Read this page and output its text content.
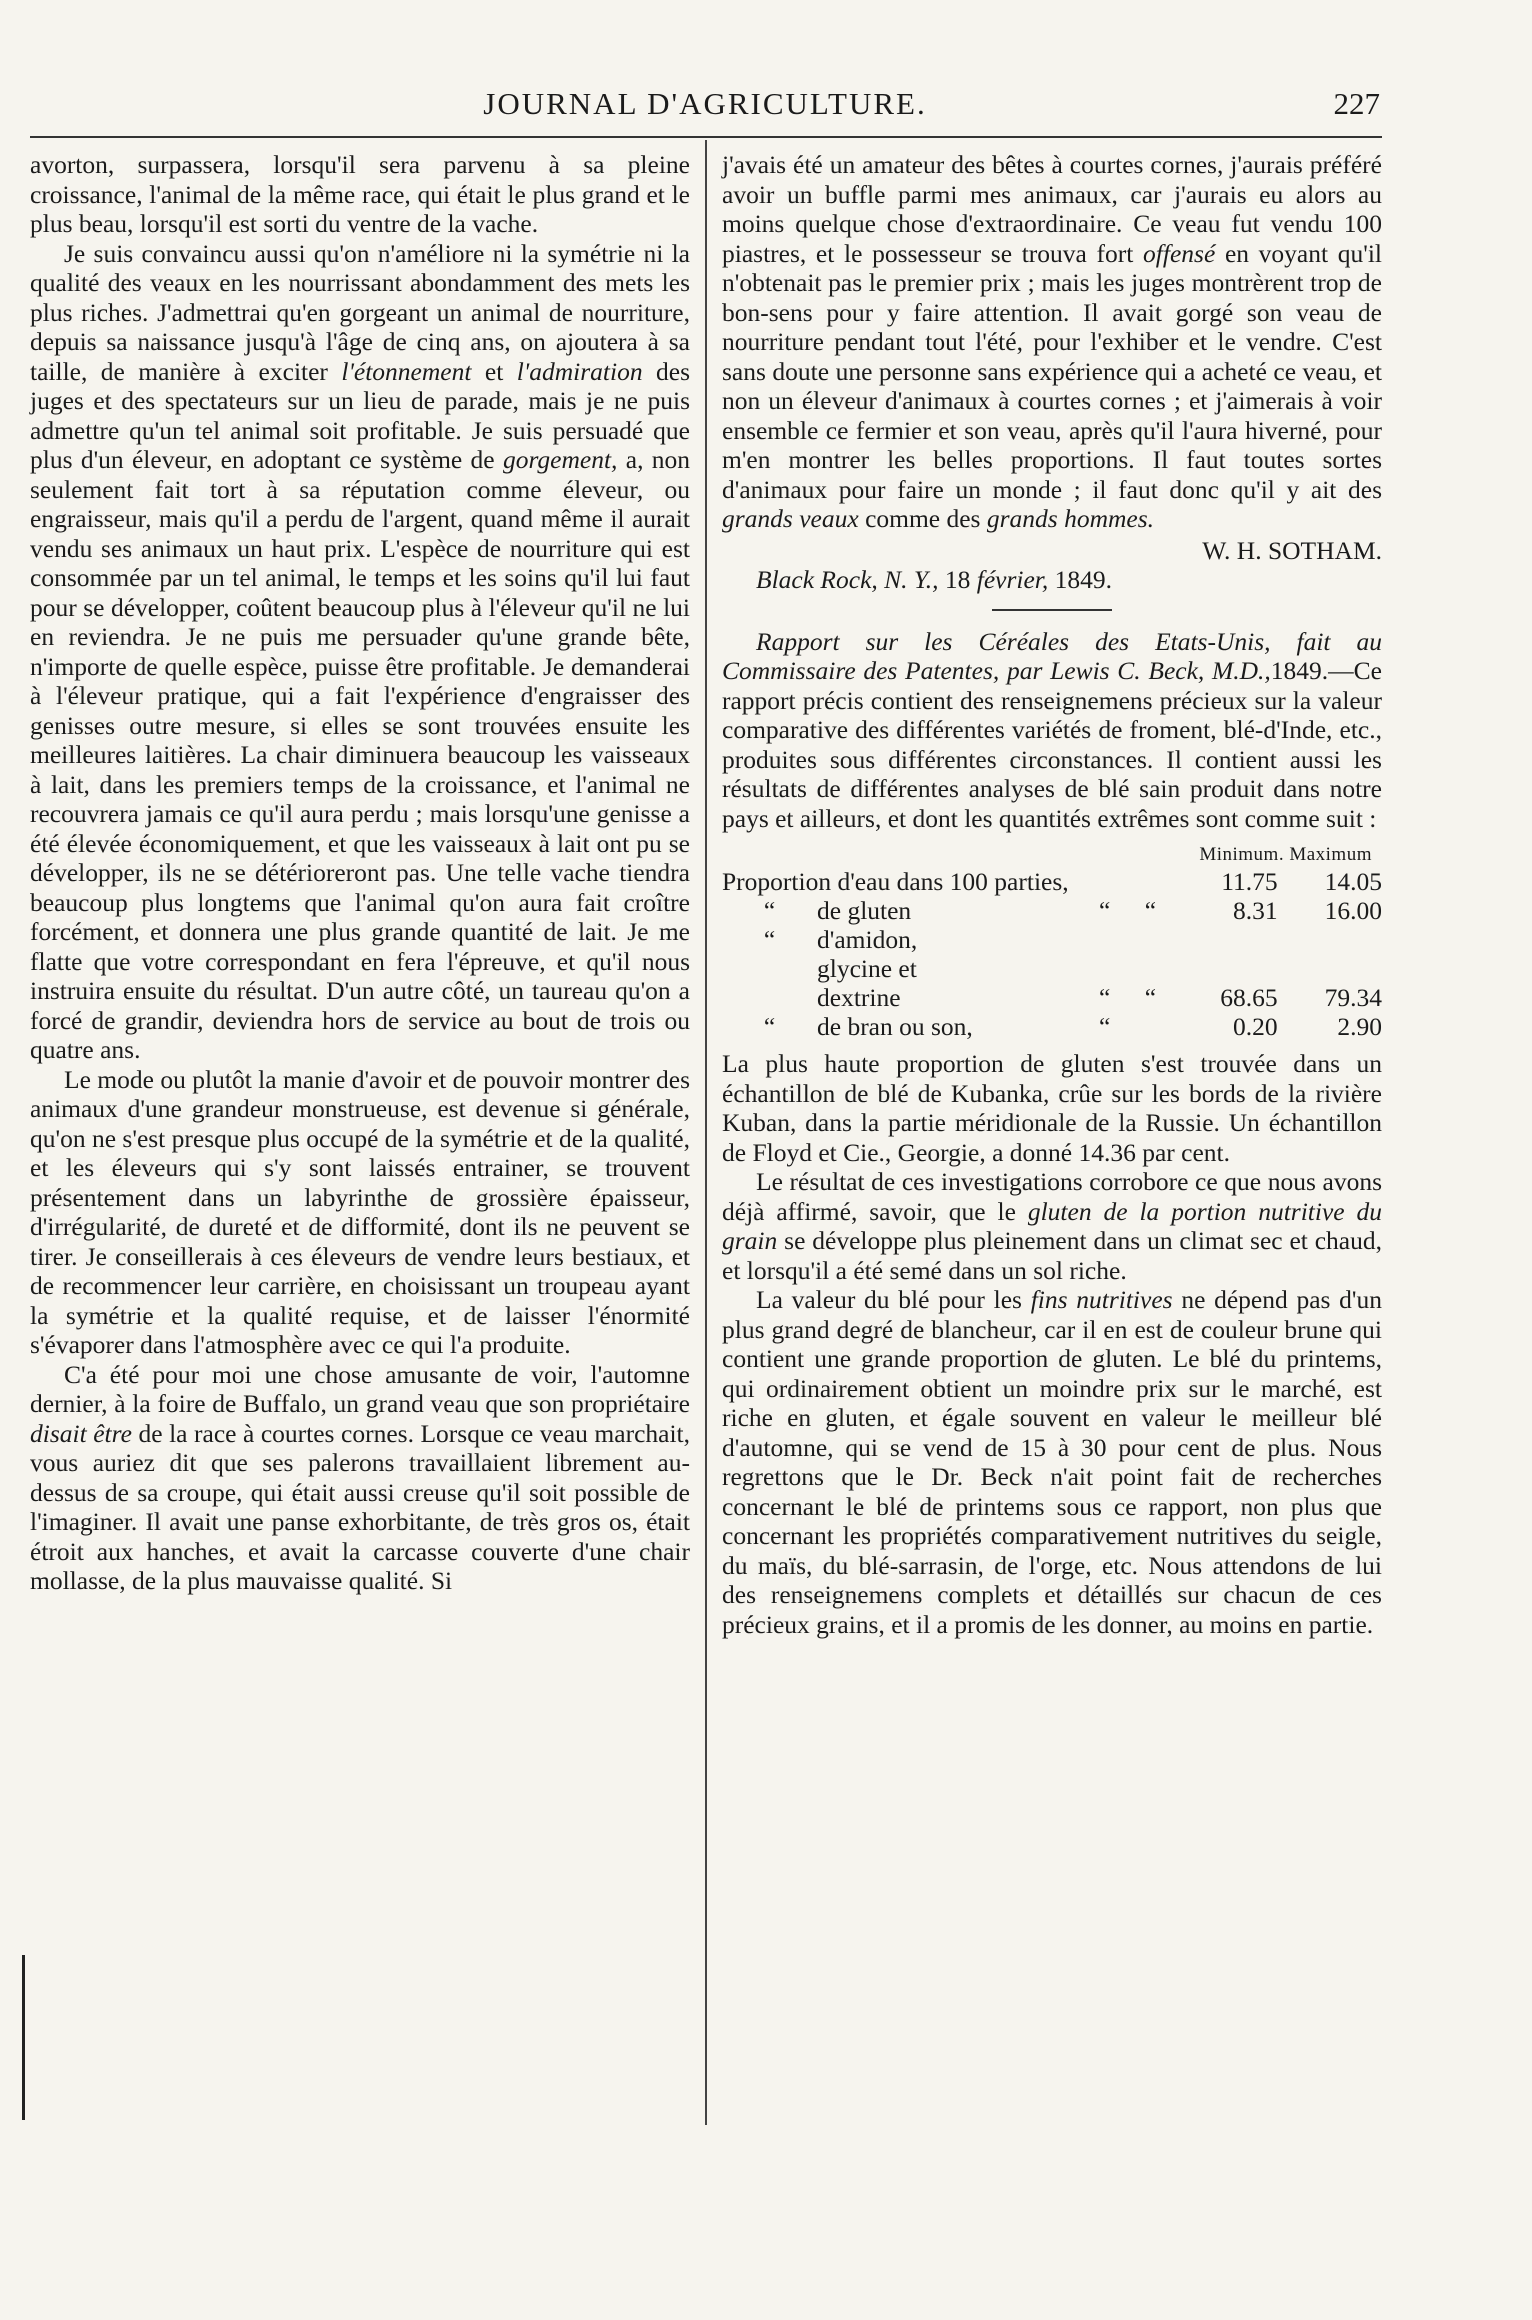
JOURNAL D'AGRICULTURE.	227

avorton, surpassera, lorsqu'il sera parvenu à sa pleine croissance, l'animal de la même race, qui était le plus grand et le plus beau, lorsqu'il est sorti du ventre de la vache.

Je suis convaincu aussi qu'on n'améliore ni la symétrie ni la qualité des veaux en les nourrissant abondamment des mets les plus riches. J'admettrai qu'en gorgeant un animal de nourriture, depuis sa naissance jusqu'à l'âge de cinq ans, on ajoutera à sa taille, de manière à exciter l'étonnement et l'admiration des juges et des spectateurs sur un lieu de parade, mais je ne puis admettre qu'un tel animal soit profitable. Je suis persuadé que plus d'un éleveur, en adoptant ce système de gorgement, a, non seulement fait tort à sa réputation comme éleveur, ou engraisseur, mais qu'il a perdu de l'argent, quand même il aurait vendu ses animaux un haut prix. L'espèce de nourriture qui est consommée par un tel animal, le temps et les soins qu'il lui faut pour se développer, coûtent beaucoup plus à l'éleveur qu'il ne lui en reviendra. Je ne puis me persuader qu'une grande bête, n'importe de quelle espèce, puisse être profitable. Je demanderai à l'éleveur pratique, qui a fait l'expérience d'engraisser des genisses outre mesure, si elles se sont trouvées ensuite les meilleures laitières. La chair diminuera beaucoup les vaisseaux à lait, dans les premiers temps de la croissance, et l'animal ne recouvrera jamais ce qu'il aura perdu ; mais lorsqu'une genisse a été élevée économiquement, et que les vaisseaux à lait ont pu se développer, ils ne se détérioreront pas. Une telle vache tiendra beaucoup plus longtems que l'animal qu'on aura fait croître forcément, et donnera une plus grande quantité de lait. Je me flatte que votre correspondant en fera l'épreuve, et qu'il nous instruira ensuite du résultat. D'un autre côté, un taureau qu'on a forcé de grandir, deviendra hors de service au bout de trois ou quatre ans.

Le mode ou plutôt la manie d'avoir et de pouvoir montrer des animaux d'une grandeur monstrueuse, est devenue si générale, qu'on ne s'est presque plus occupé de la symétrie et de la qualité, et les éleveurs qui s'y sont laissés entrainer, se trouvent présentement dans un labyrinthe de grossière épaisseur, d'irrégularité, de dureté et de difformité, dont ils ne peuvent se tirer. Je conseillerais à ces éleveurs de vendre leurs bestiaux, et de recommencer leur carrière, en choisissant un troupeau ayant la symétrie et la qualité requise, et de laisser l'énormité s'évaporer dans l'atmosphère avec ce qui l'a produite.

C'a été pour moi une chose amusante de voir, l'automne dernier, à la foire de Buffalo, un grand veau que son propriétaire disait être de la race à courtes cornes. Lorsque ce veau marchait, vous auriez dit que ses palerons travaillaient librement au-dessus de sa croupe, qui était aussi creuse qu'il soit possible de l'imaginer. Il avait une panse exhorbitante, de très gros os, était étroit aux hanches, et avait la carcasse couverte d'une chair mollasse, de la plus mauvaisse qualité. Si

j'avais été un amateur des bêtes à courtes cornes, j'aurais préféré avoir un buffle parmi mes animaux, car j'aurais eu alors au moins quelque chose d'extraordinaire. Ce veau fut vendu 100 piastres, et le possesseur se trouva fort offensé en voyant qu'il n'obtenait pas le premier prix ; mais les juges montrèrent trop de bon-sens pour y faire attention. Il avait gorgé son veau de nourriture pendant tout l'été, pour l'exhiber et le vendre. C'est sans doute une personne sans expérience qui a acheté ce veau, et non un éleveur d'animaux à courtes cornes ; et j'aimerais à voir ensemble ce fermier et son veau, après qu'il l'aura hiverné, pour m'en montrer les belles proportions. Il faut toutes sortes d'animaux pour faire un monde ; il faut donc qu'il y ait des grands veaux comme des grands hommes.

W. H. SOTHAM.

Black Rock, N. Y., 18 février, 1849.

Rapport sur les Céréales des Etats-Unis, fait au Commissaire des Patentes, par Lewis C. Beck, M.D.,1849.—Ce rapport précis contient des renseignemens précieux sur la valeur comparative des différentes variétés de froment, blé-d'Inde, etc., produites sous différentes circonstances. Il contient aussi les résultats de différentes analyses de blé sain produit dans notre pays et ailleurs, et dont les quantités extrêmes sont comme suit :

Minimum. Maximum
Proportion d'eau dans 100 parties,			11.75	14.05
“ de gluten	“	“	8.31	16.00
“ d'amidon,				
glycine et				
dextrine	“	“	68.65	79.34
“ de bran ou son,	“		0.20	2.90

La plus haute proportion de gluten s'est trouvée dans un échantillon de blé de Kubanka, crûe sur les bords de la rivière Kuban, dans la partie méridionale de la Russie. Un échantillon de Floyd et Cie., Georgie, a donné 14.36 par cent.

Le résultat de ces investigations corrobore ce que nous avons déjà affirmé, savoir, que le gluten de la portion nutritive du grain se développe plus pleinement dans un climat sec et chaud, et lorsqu'il a été semé dans un sol riche.

La valeur du blé pour les fins nutritives ne dépend pas d'un plus grand degré de blancheur, car il en est de couleur brune qui contient une grande proportion de gluten. Le blé du printems, qui ordinairement obtient un moindre prix sur le marché, est riche en gluten, et égale souvent en valeur le meilleur blé d'automne, qui se vend de 15 à 30 pour cent de plus. Nous regrettons que le Dr. Beck n'ait point fait de recherches concernant le blé de printems sous ce rapport, non plus que concernant les propriétés comparativement nutritives du seigle, du maïs, du blé-sarrasin, de l'orge, etc. Nous attendons de lui des renseignemens complets et détaillés sur chacun de ces précieux grains, et il a promis de les donner, au moins en partie.
